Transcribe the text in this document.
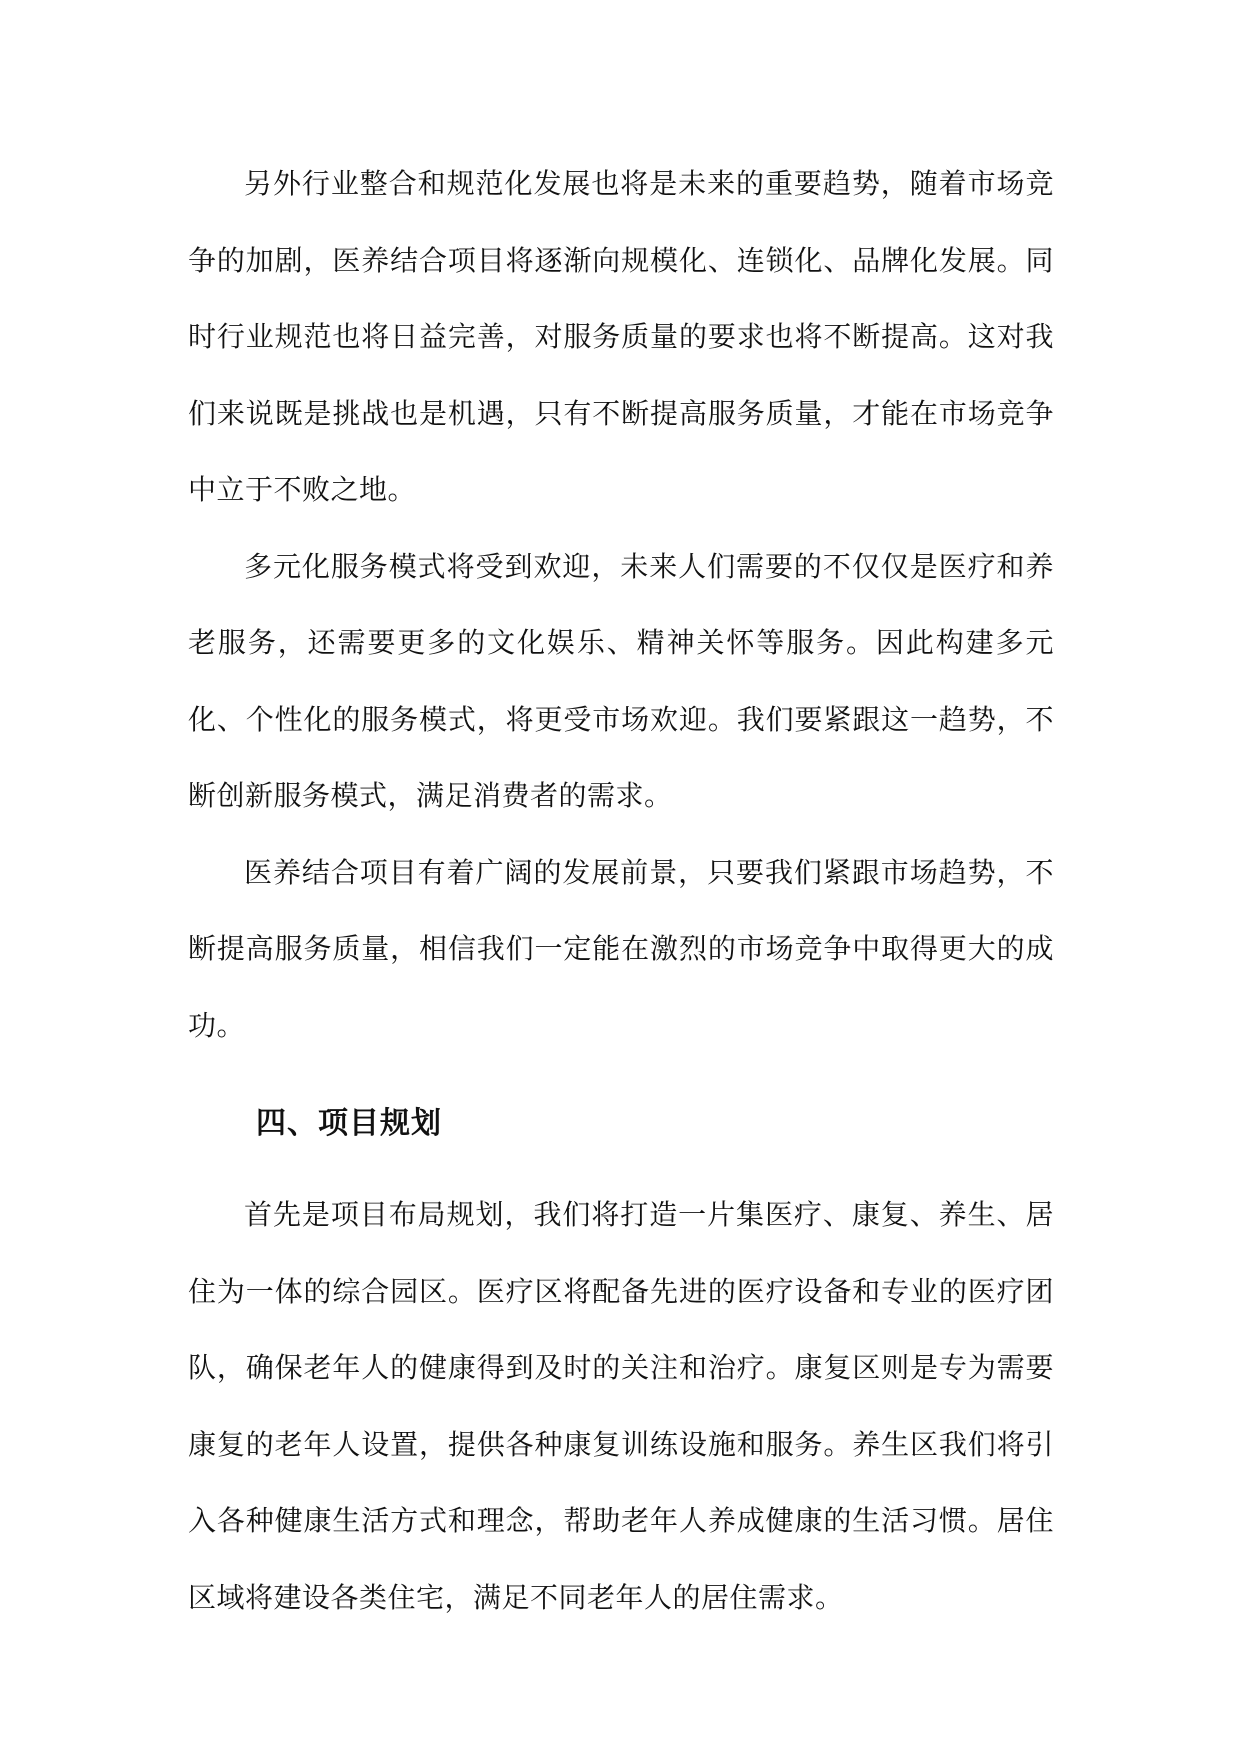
另外行业整合和规范化发展也将是未来的重要趋势，随着市场竞争的加剧，医养结合项目将逐渐向规模化、连锁化、品牌化发展。同时行业规范也将日益完善，对服务质量的要求也将不断提高。这对我们来说既是挑战也是机遇，只有不断提高服务质量，才能在市场竞争中立于不败之地。

多元化服务模式将受到欢迎，未来人们需要的不仅仅是医疗和养老服务，还需要更多的文化娱乐、精神关怀等服务。因此构建多元化、个性化的服务模式，将更受市场欢迎。我们要紧跟这一趋势，不断创新服务模式，满足消费者的需求。

医养结合项目有着广阔的发展前景，只要我们紧跟市场趋势，不断提高服务质量，相信我们一定能在激烈的市场竞争中取得更大的成功。

四、项目规划

首先是项目布局规划，我们将打造一片集医疗、康复、养生、居住为一体的综合园区。医疗区将配备先进的医疗设备和专业的医疗团队，确保老年人的健康得到及时的关注和治疗。康复区则是专为需要康复的老年人设置，提供各种康复训练设施和服务。养生区我们将引入各种健康生活方式和理念，帮助老年人养成健康的生活习惯。居住区域将建设各类住宅，满足不同老年人的居住需求。
